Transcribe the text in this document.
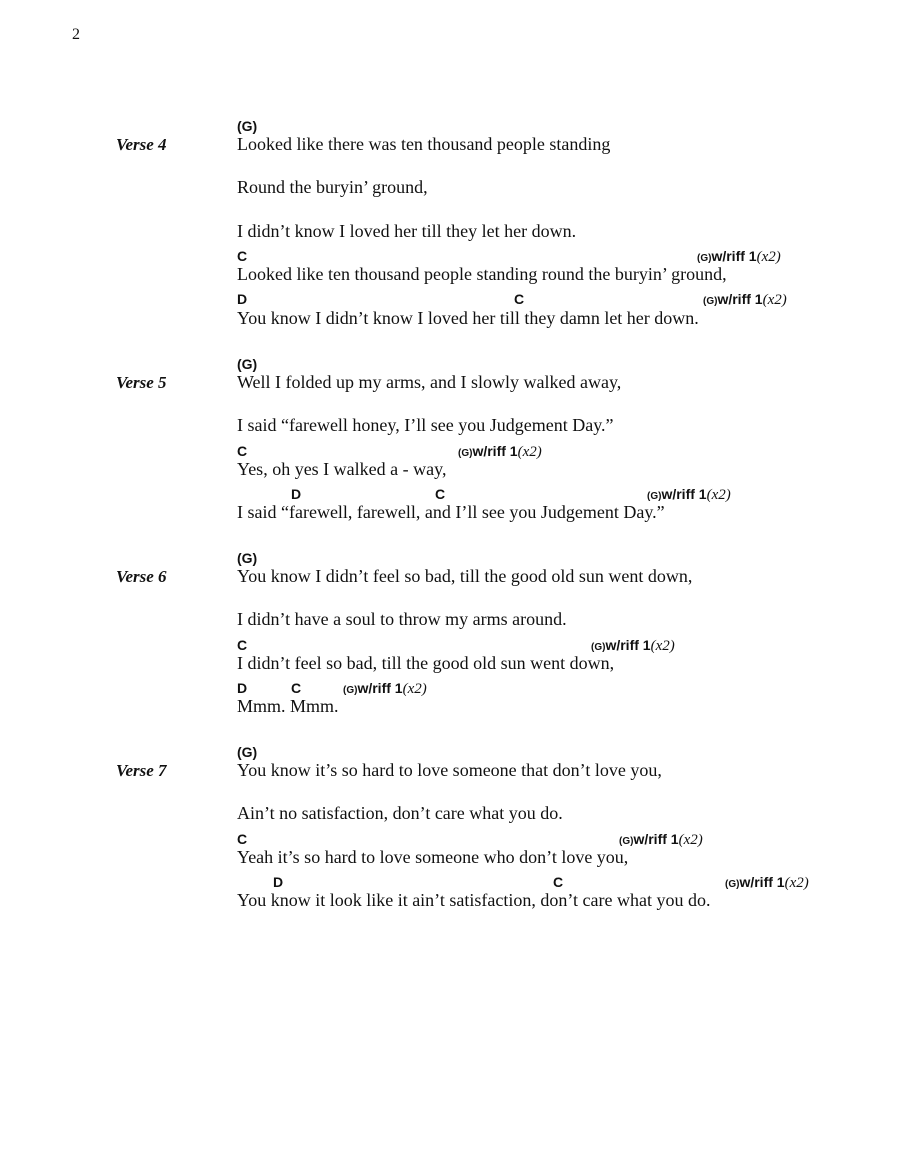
2
(G)
Verse 4	Looked like there was ten thousand people standing
Round the buryin’ ground,
I didn’t know I loved her till they let her down.
C	(G)w/riff 1(x2)
Looked like ten thousand people standing round the buryin’ ground,
D	C	(G)w/riff 1(x2)
You know I didn’t know I loved her till they damn let her down.
(G)
Verse 5	Well I folded up my arms, and I slowly walked away,
I said “farewell honey, I’ll see you Judgement Day.”
C	(G)w/riff 1(x2)
Yes, oh yes I walked a - way,
D	C	(G)w/riff 1(x2)
I said “farewell, farewell, and I’ll see you Judgement Day.”
(G)
Verse 6	You know I didn’t feel so bad, till the good old sun went down,
I didn’t have a soul to throw my arms around.
C	(G)w/riff 1(x2)
I didn’t feel so bad, till the good old sun went down,
D	C	(G)w/riff 1(x2)
Mmm. Mmm.
(G)
Verse 7	You know it’s so hard to love someone that don’t love you,
Ain’t no satisfaction, don’t care what you do.
C	(G)w/riff 1(x2)
Yeah it’s so hard to love someone who don’t love you,
D	C	(G)w/riff 1(x2)
You know it look like it ain’t satisfaction, don’t care what you do.
